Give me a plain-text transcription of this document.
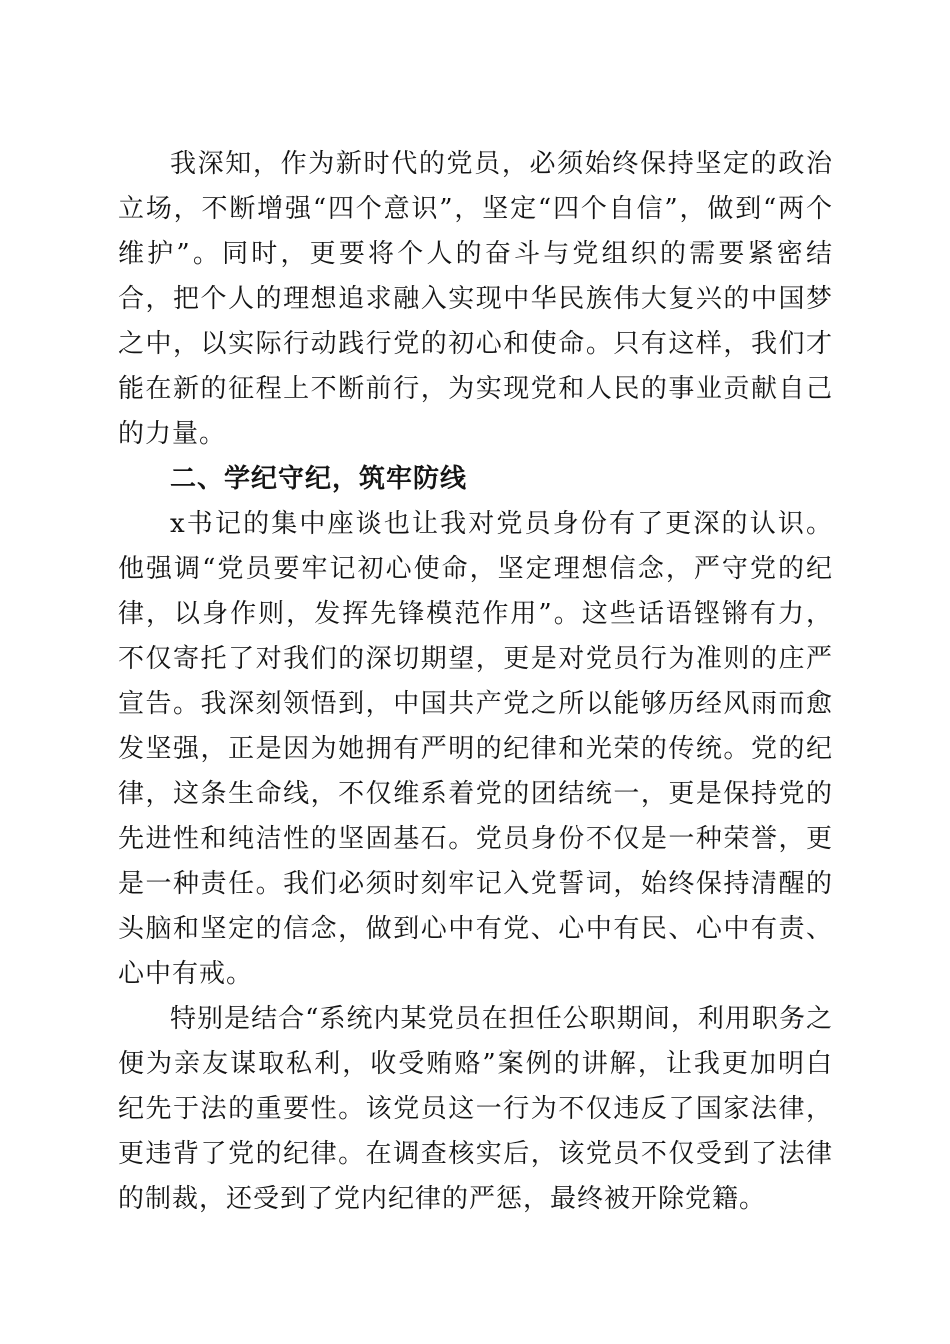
我深知，作为新时代的党员，必须始终保持坚定的政治立场，不断增强“四个意识”，坚定“四个自信”，做到“两个维护”。同时，更要将个人的奋斗与党组织的需要紧密结合，把个人的理想追求融入实现中华民族伟大复兴的中国梦之中，以实际行动践行党的初心和使命。只有这样，我们才能在新的征程上不断前行，为实现党和人民的事业贡献自己的力量。

二、学纪守纪，筑牢防线

x书记的集中座谈也让我对党员身份有了更深的认识。他强调“党员要牢记初心使命，坚定理想信念，严守党的纪律，以身作则，发挥先锋模范作用”。这些话语铿锵有力，不仅寄托了对我们的深切期望，更是对党员行为准则的庄严宣告。我深刻领悟到，中国共产党之所以能够历经风雨而愈发坚强，正是因为她拥有严明的纪律和光荣的传统。党的纪律，这条生命线，不仅维系着党的团结统一，更是保持党的先进性和纯洁性的坚固基石。党员身份不仅是一种荣誉，更是一种责任。我们必须时刻牢记入党誓词，始终保持清醒的头脑和坚定的信念，做到心中有党、心中有民、心中有责、心中有戒。

特别是结合“系统内某党员在担任公职期间，利用职务之便为亲友谋取私利，收受贿赂”案例的讲解，让我更加明白纪先于法的重要性。该党员这一行为不仅违反了国家法律，更违背了党的纪律。在调查核实后，该党员不仅受到了法律的制裁，还受到了党内纪律的严惩，最终被开除党籍。
